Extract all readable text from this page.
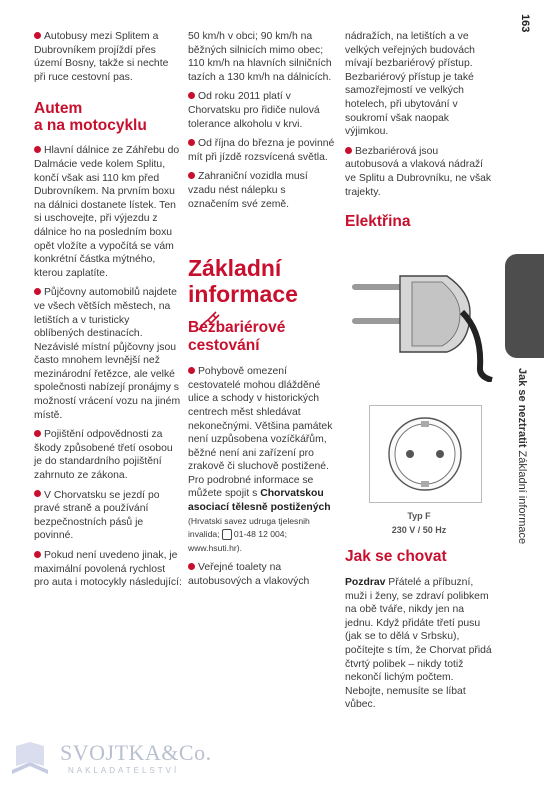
163
Jak se neztratit Základní informace

Autobusy mezi Splitem a Dubrovníkem projíždí přes území Bosny, takže si nechte při ruce cestovní pas.

Autem
a na motocyklu

Hlavní dálnice ze Záhřebu do Dalmácie vede kolem Splitu, končí však asi 110 km před Dubrovníkem. Na prvním boxu na dálnici dostanete lístek. Ten si uschovejte, při výjezdu z dálnice ho na posledním boxu opět vložíte a vypočítá se vám konkrétní částka mýtného, kterou zaplatíte.

Půjčovny automobilů najdete ve všech větších městech, na letištích a v turisticky oblíbených destinacích. Nezávislé místní půjčovny jsou často mnohem levnější než mezinárodní řetězce, ale velké společnosti nabízejí pronájmy s možností vrácení vozu na jiném místě.

Pojištění odpovědnosti za škody způsobené třetí osobou je do standardního pojištění zahrnuto ze zákona.

V Chorvatsku se jezdí po pravé straně a používání bezpečnostních pásů je povinné.

Pokud není uvedeno jinak, je maximální povolená rychlost pro auta i motocykly následující:

50 km/h v obci; 90 km/h na běžných silnicích mimo obec; 110 km/h na hlavních silničních tazích a 130 km/h na dálnicích.

Od roku 2011 platí v Chorvatsku pro řidiče nulová tolerance alkoholu v krvi.

Od října do března je povinné mít při jízdě rozsvícená světla.

Zahraniční vozidla musí vzadu nést nálepku s označením své země.

Základní
informace
Bezbariérové
cestování

Pohybově omezení cestovatelé mohou dlážděné ulice a schody v historických centrech měst shledávat nekonečnými. Většina památek není uzpůsobena vozíčkářům, běžné není ani zařízení pro zrakově či sluchově postižené. Pro podrobné informace se můžete spojit s Chorvatskou asociací tělesně postižených (Hrvatski savez udruga tjelesnih invalida; 01-48 12 004; www.hsuti.hr).

Veřejné toalety na autobusových a vlakových

nádražích, na letištích a ve velkých veřejných budovách mívají bezbariérový přístup. Bezbariérový přístup je také samozřejmostí ve velkých hotelech, při ubytování v soukromí však naopak výjimkou.

Bezbariérová jsou autobusová a vlaková nádraží ve Splitu a Dubrovníku, ne však trajekty.

Elektřina
Typ F
230 V / 50 Hz
Jak se chovat

Pozdrav Přátelé a příbuzní, muži i ženy, se zdraví polibkem na obě tváře, nikdy jen na jednu. Když přidáte třetí pusu (jak se to dělá v Srbsku), počítejte s tím, že Chorvat přidá čtvrtý polibek – nikdy totiž nekončí lichým počtem. Nebojte, nemusíte se líbat vůbec.

SVOJTKA&Co.
NAKLADATELSTVÍ
